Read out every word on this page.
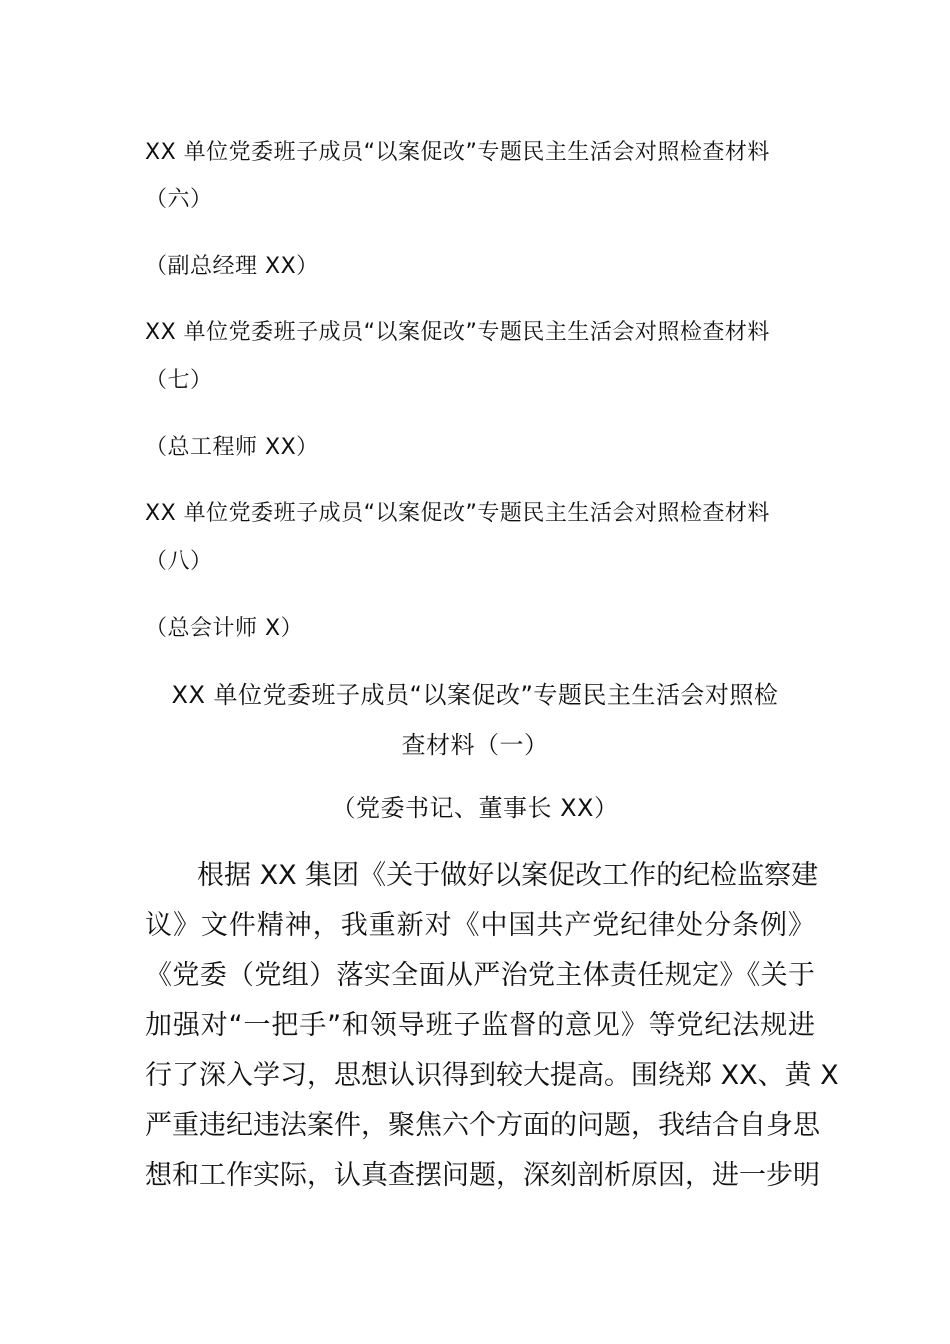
XX 单位党委班子成员“以案促改”专题民主生活会对照检查材料
（六）
（副总经理 XX）
XX 单位党委班子成员“以案促改”专题民主生活会对照检查材料
（七）
（总工程师 XX）
XX 单位党委班子成员“以案促改”专题民主生活会对照检查材料
（八）
（总会计师 X）
XX 单位党委班子成员“以案促改”专题民主生活会对照检
查材料（一）
（党委书记、董事长 XX）
根据 XX 集团《关于做好以案促改工作的纪检监察建
议》文件精神，我重新对《中国共产党纪律处分条例》
《党委（党组）落实全面从严治党主体责任规定》《关于
加强对“一把手”和领导班子监督的意见》等党纪法规进
行了深入学习，思想认识得到较大提高。围绕郑 XX、黄 X
严重违纪违法案件，聚焦六个方面的问题，我结合自身思
想和工作实际，认真查摆问题，深刻剖析原因，进一步明
